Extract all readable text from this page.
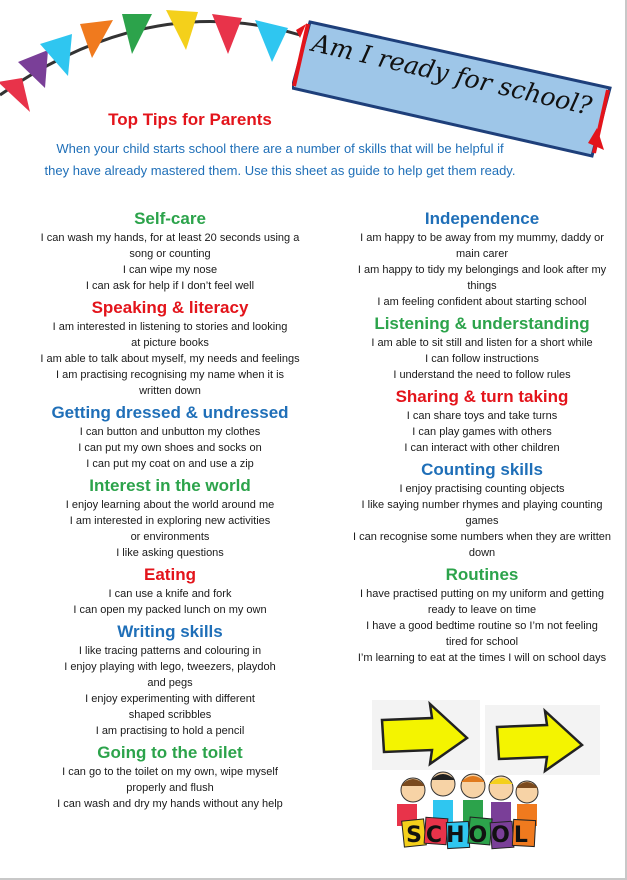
Am I ready for school?
Top Tips for Parents
When your child starts school there are a number of skills that will be helpful if
they have already mastered them. Use this sheet as guide to help get them ready.
Self-care
I can wash my hands, for at least 20 seconds using a
song or counting
I can wipe my nose
I can ask for help if I don’t feel well
Speaking & literacy
I am interested in listening to stories and looking
at picture books
I am able to talk about myself, my needs and feelings
I am practising recognising my name when it is
written down
Getting dressed & undressed
I can button and unbutton my clothes
I can put my own shoes and socks on
I can put my coat on and use a zip
Interest in the world
I enjoy learning about the world around me
I am interested in exploring new activities
or environments
I like asking questions
Eating
I can use a knife and fork
I can open my packed lunch on my own
Writing skills
I like tracing patterns and colouring in
I enjoy playing with lego, tweezers, playdoh
and pegs
I enjoy experimenting with different
shaped scribbles
I am practising to hold a pencil
Going to the toilet
I can go to the toilet on my own, wipe myself
properly and flush
I can wash and dry my hands without any help
Independence
I am happy to be away from my mummy, daddy or
main carer
I am happy to tidy my belongings and look after my
things
I am feeling confident about starting school
Listening & understanding
I am able to sit still and listen for a short while
I can follow instructions
I understand the need to follow rules
Sharing & turn taking
I can share toys and take turns
I can play games with others
I can interact with other children
Counting skills
I enjoy practising counting objects
I like saying number rhymes and playing counting
games
I can recognise some numbers when they are written
down
Routines
I have practised putting on my uniform and getting
ready to leave on time
I have a good bedtime routine so I’m not feeling
tired for school
I’m learning to eat at the times I will on school days
SCHOOL
